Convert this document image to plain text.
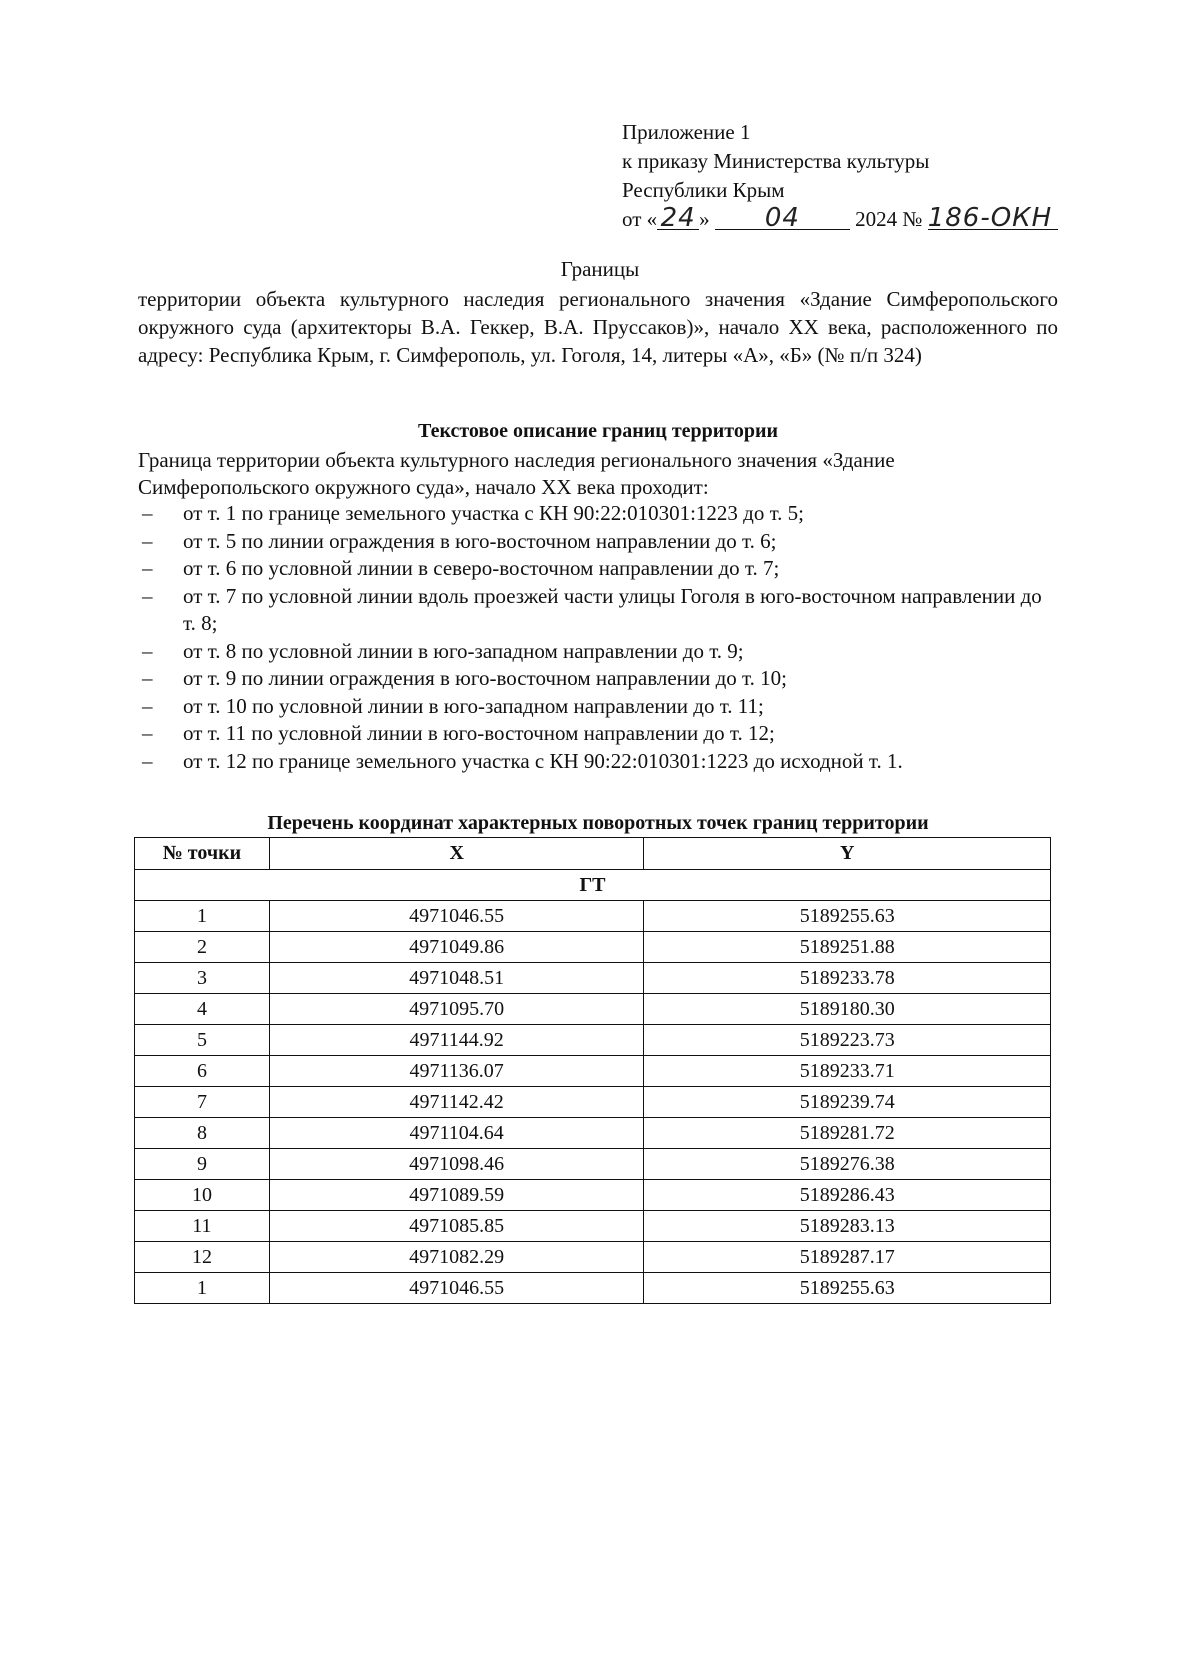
Приложение 1
к приказу Министерства культуры
Республики Крым
от « 24 » 04	2024 № 186-ОКН
Границы
территории объекта культурного наследия регионального значения «Здание Симферопольского окружного суда (архитекторы В.А. Геккер, В.А. Пруссаков)», начало XX века, расположенного по адресу: Республика Крым, г. Симферополь, ул. Гоголя, 14, литеры «А», «Б» (№ п/п 324)
Текстовое описание границ территории
Граница территории объекта культурного наследия регионального значения «Здание Симферопольского окружного суда», начало XX века проходит:
– от т. 1 по границе земельного участка с КН 90:22:010301:1223 до т. 5;
– от т. 5 по линии ограждения в юго-восточном направлении до т. 6;
– от т. 6 по условной линии в северо-восточном направлении до т. 7;
– от т. 7 по условной линии вдоль проезжей части улицы Гоголя в юго-восточном направлении до т. 8;
– от т. 8 по условной линии в юго-западном направлении до т. 9;
– от т. 9 по линии ограждения в юго-восточном направлении до т. 10;
– от т. 10 по условной линии в юго-западном направлении до т. 11;
– от т. 11 по условной линии в юго-восточном направлении до т. 12;
– от т. 12 по границе земельного участка с КН 90:22:010301:1223 до исходной т. 1.
Перечень координат характерных поворотных точек границ территории
№ точки	X	Y
ГТ		
1	4971046.55	5189255.63
2	4971049.86	5189251.88
3	4971048.51	5189233.78
4	4971095.70	5189180.30
5	4971144.92	5189223.73
6	4971136.07	5189233.71
7	4971142.42	5189239.74
8	4971104.64	5189281.72
9	4971098.46	5189276.38
10	4971089.59	5189286.43
11	4971085.85	5189283.13
12	4971082.29	5189287.17
1	4971046.55	5189255.63
